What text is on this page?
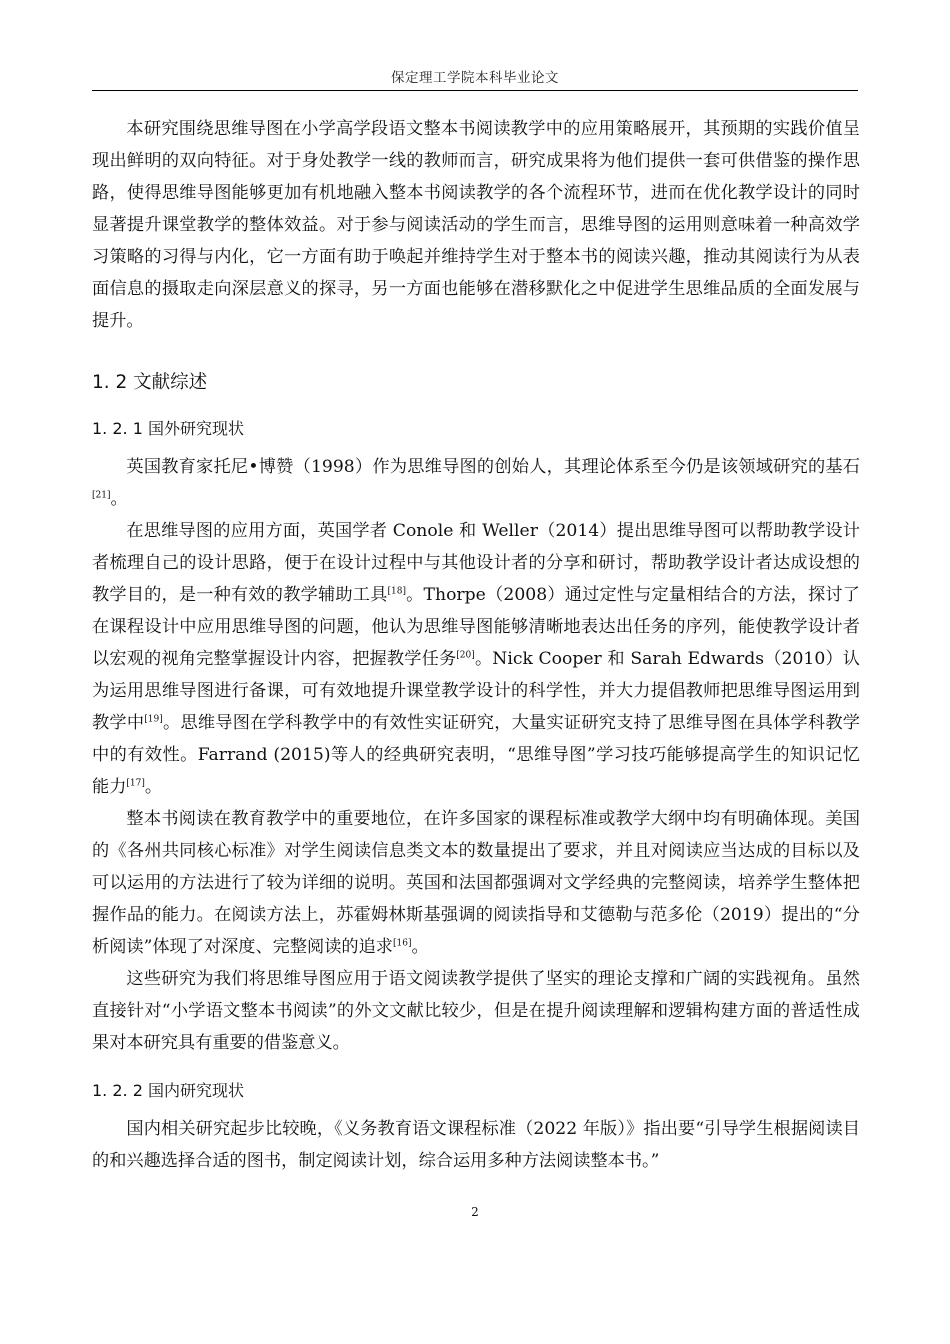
保定理工学院本科毕业论文

本研究围绕思维导图在小学高学段语文整本书阅读教学中的应用策略展开，其预期的实践价值呈现出鲜明的双向特征。对于身处教学一线的教师而言，研究成果将为他们提供一套可供借鉴的操作思路，使得思维导图能够更加有机地融入整本书阅读教学的各个流程环节，进而在优化教学设计的同时显著提升课堂教学的整体效益。对于参与阅读活动的学生而言，思维导图的运用则意味着一种高效学习策略的习得与内化，它一方面有助于唤起并维持学生对于整本书的阅读兴趣，推动其阅读行为从表面信息的摄取走向深层意义的探寻，另一方面也能够在潜移默化之中促进学生思维品质的全面发展与提升。

1. 2 文献综述
1. 2. 1 国外研究现状

英国教育家托尼•博赞（1998）作为思维导图的创始人，其理论体系至今仍是该领域研究的基石[21]。

在思维导图的应用方面，英国学者 Conole 和 Weller（2014）提出思维导图可以帮助教学设计者梳理自己的设计思路，便于在设计过程中与其他设计者的分享和研讨，帮助教学设计者达成设想的教学目的，是一种有效的教学辅助工具[18]。Thorpe（2008）通过定性与定量相结合的方法，探讨了在课程设计中应用思维导图的问题，他认为思维导图能够清晰地表达出任务的序列，能使教学设计者以宏观的视角完整掌握设计内容，把握教学任务[20]。Nick Cooper 和 Sarah Edwards（2010）认为运用思维导图进行备课，可有效地提升课堂教学设计的科学性，并大力提倡教师把思维导图运用到教学中[19]。思维导图在学科教学中的有效性实证研究，大量实证研究支持了思维导图在具体学科教学中的有效性。Farrand (2015)等人的经典研究表明，“思维导图”学习技巧能够提高学生的知识记忆能力[17]。

整本书阅读在教育教学中的重要地位，在许多国家的课程标准或教学大纲中均有明确体现。美国的《各州共同核心标准》对学生阅读信息类文本的数量提出了要求，并且对阅读应当达成的目标以及可以运用的方法进行了较为详细的说明。英国和法国都强调对文学经典的完整阅读，培养学生整体把握作品的能力。在阅读方法上，苏霍姆林斯基强调的阅读指导和艾德勒与范多伦（2019）提出的“分析阅读”体现了对深度、完整阅读的追求[16]。

这些研究为我们将思维导图应用于语文阅读教学提供了坚实的理论支撑和广阔的实践视角。虽然直接针对“小学语文整本书阅读”的外文文献比较少，但是在提升阅读理解和逻辑构建方面的普适性成果对本研究具有重要的借鉴意义。

1. 2. 2 国内研究现状

国内相关研究起步比较晚，《义务教育语文课程标准（2022 年版）》指出要“引导学生根据阅读目的和兴趣选择合适的图书，制定阅读计划，综合运用多种方法阅读整本书。”

2
